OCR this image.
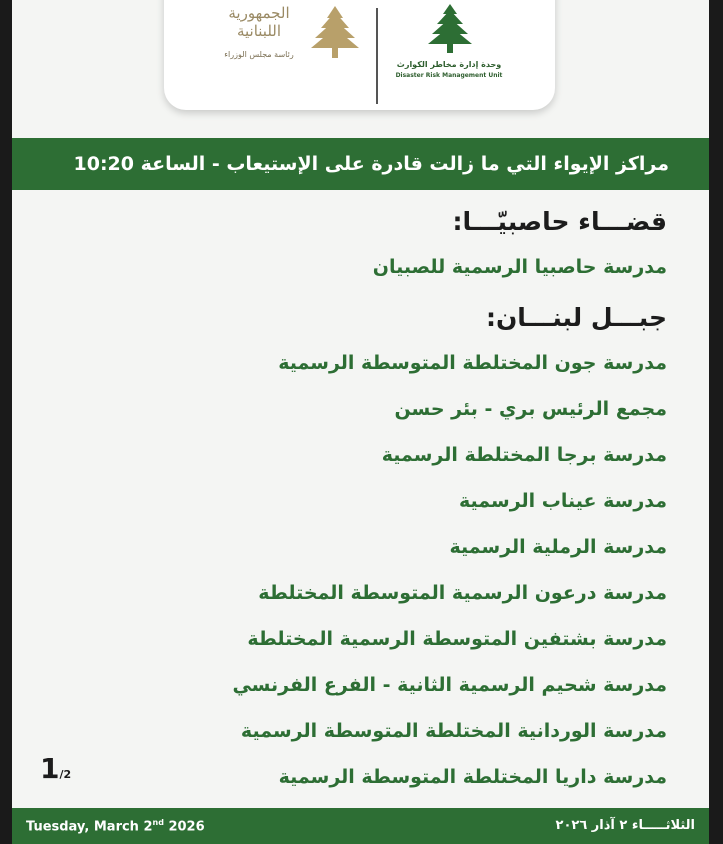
الجمهورية اللبنانية
رئاسة مجلس الوزراء
وحدة إدارة مخاطر الكوارث
Disaster Risk Management Unit
مراكز الإيواء التي ما زالت قادرة على الإستيعاب - الساعة 10:20
قضـــاء حاصبيّـــا:
مدرسة حاصبيا الرسمية للصبيان
جبـــل لبنـــان:
مدرسة جون المختلطة المتوسطة الرسمية
مجمع الرئيس بري - بئر حسن
مدرسة برجا المختلطة الرسمية
مدرسة عيناب الرسمية
مدرسة الرملية الرسمية
مدرسة درعون الرسمية المتوسطة المختلطة
مدرسة بشتفين المتوسطة الرسمية المختلطة
مدرسة شحيم الرسمية الثانية - الفرع الفرنسي
مدرسة الوردانية المختلطة المتوسطة الرسمية
مدرسة داريا المختلطة المتوسطة الرسمية
1/2
Tuesday, March 2nd 2026	الثلاثـــــاء ٢ آذار ٢٠٢٦
